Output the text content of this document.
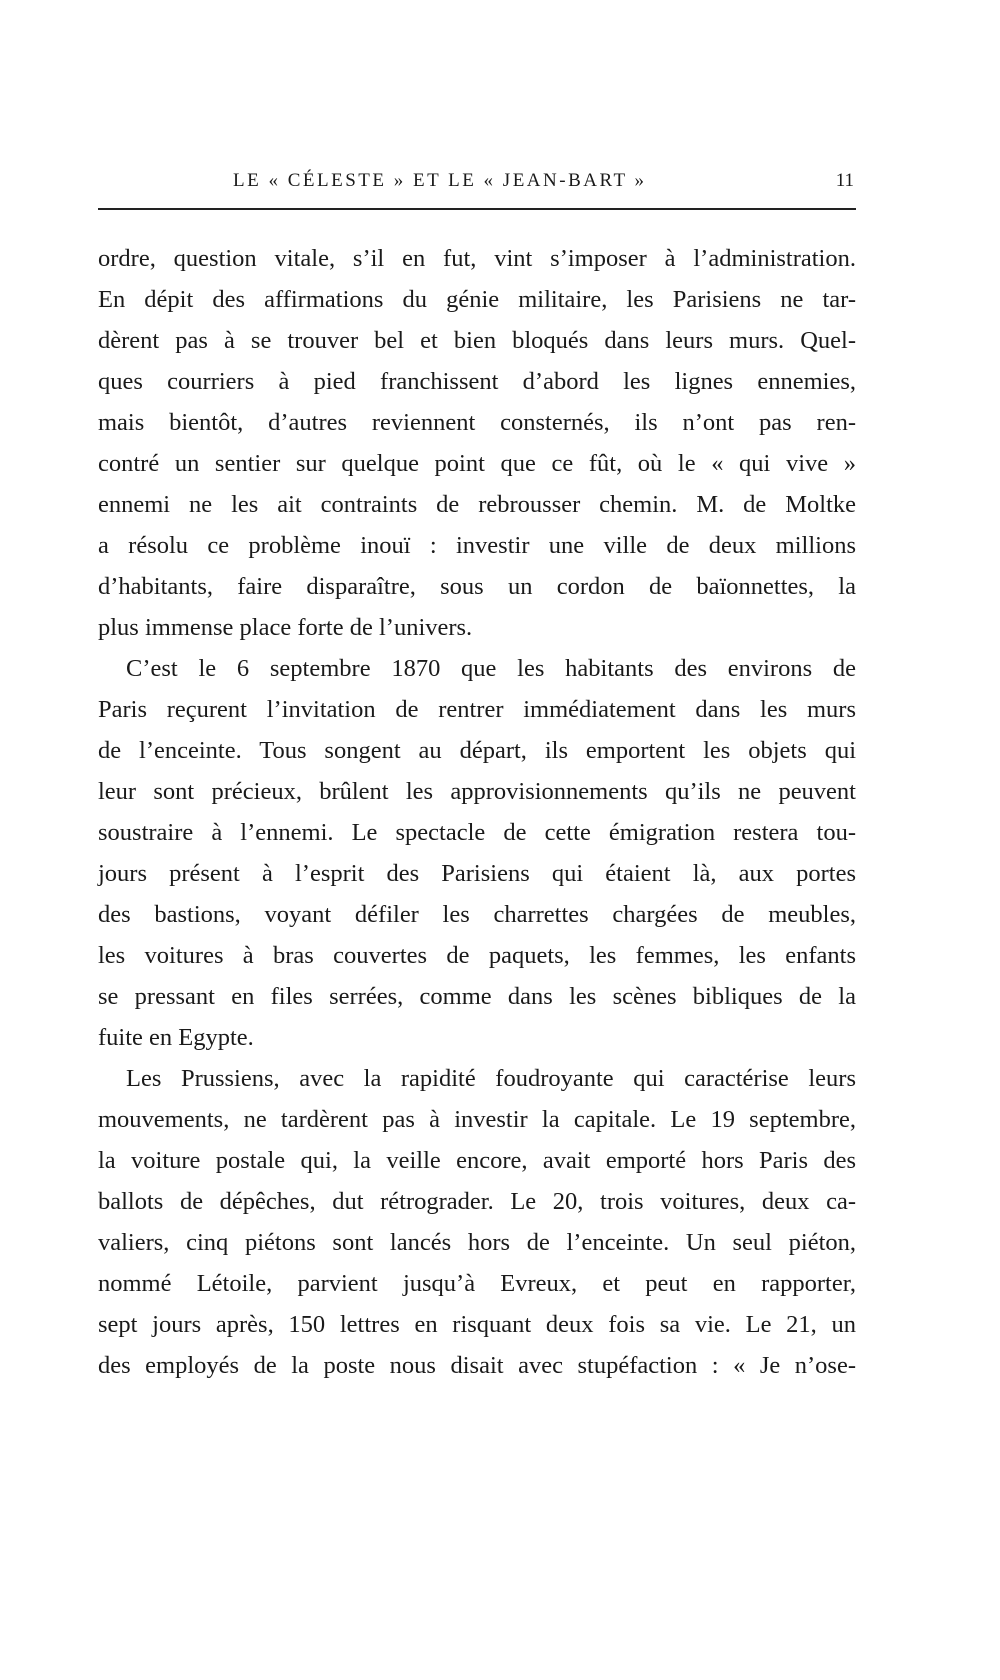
LE « CÉLESTE » ET LE « JEAN-BART »	11
ordre, question vitale, s’il en fut, vint s’imposer à l’administration.
En dépit des affirmations du génie militaire, les Parisiens ne tar-
dèrent pas à se trouver bel et bien bloqués dans leurs murs. Quel-
ques courriers à pied franchissent d’abord les lignes ennemies,
mais bientôt, d’autres reviennent consternés, ils n’ont pas ren-
contré un sentier sur quelque point que ce fût, où le « qui vive »
ennemi ne les ait contraints de rebrousser chemin. M. de Moltke
a résolu ce problème inouï : investir une ville de deux millions
d’habitants, faire disparaître, sous un cordon de baïonnettes, la
plus immense place forte de l’univers.
C’est le 6 septembre 1870 que les habitants des environs de
Paris reçurent l’invitation de rentrer immédiatement dans les murs
de l’enceinte. Tous songent au départ, ils emportent les objets qui
leur sont précieux, brûlent les approvisionnements qu’ils ne peuvent
soustraire à l’ennemi. Le spectacle de cette émigration restera tou-
jours présent à l’esprit des Parisiens qui étaient là, aux portes
des bastions, voyant défiler les charrettes chargées de meubles,
les voitures à bras couvertes de paquets, les femmes, les enfants
se pressant en files serrées, comme dans les scènes bibliques de la
fuite en Egypte.
Les Prussiens, avec la rapidité foudroyante qui caractérise leurs
mouvements, ne tardèrent pas à investir la capitale. Le 19 septembre,
la voiture postale qui, la veille encore, avait emporté hors Paris des
ballots de dépêches, dut rétrograder. Le 20, trois voitures, deux ca-
valiers, cinq piétons sont lancés hors de l’enceinte. Un seul piéton,
nommé Létoile, parvient jusqu’à Evreux, et peut en rapporter,
sept jours après, 150 lettres en risquant deux fois sa vie. Le 21, un
des employés de la poste nous disait avec stupéfaction : « Je n’ose-
